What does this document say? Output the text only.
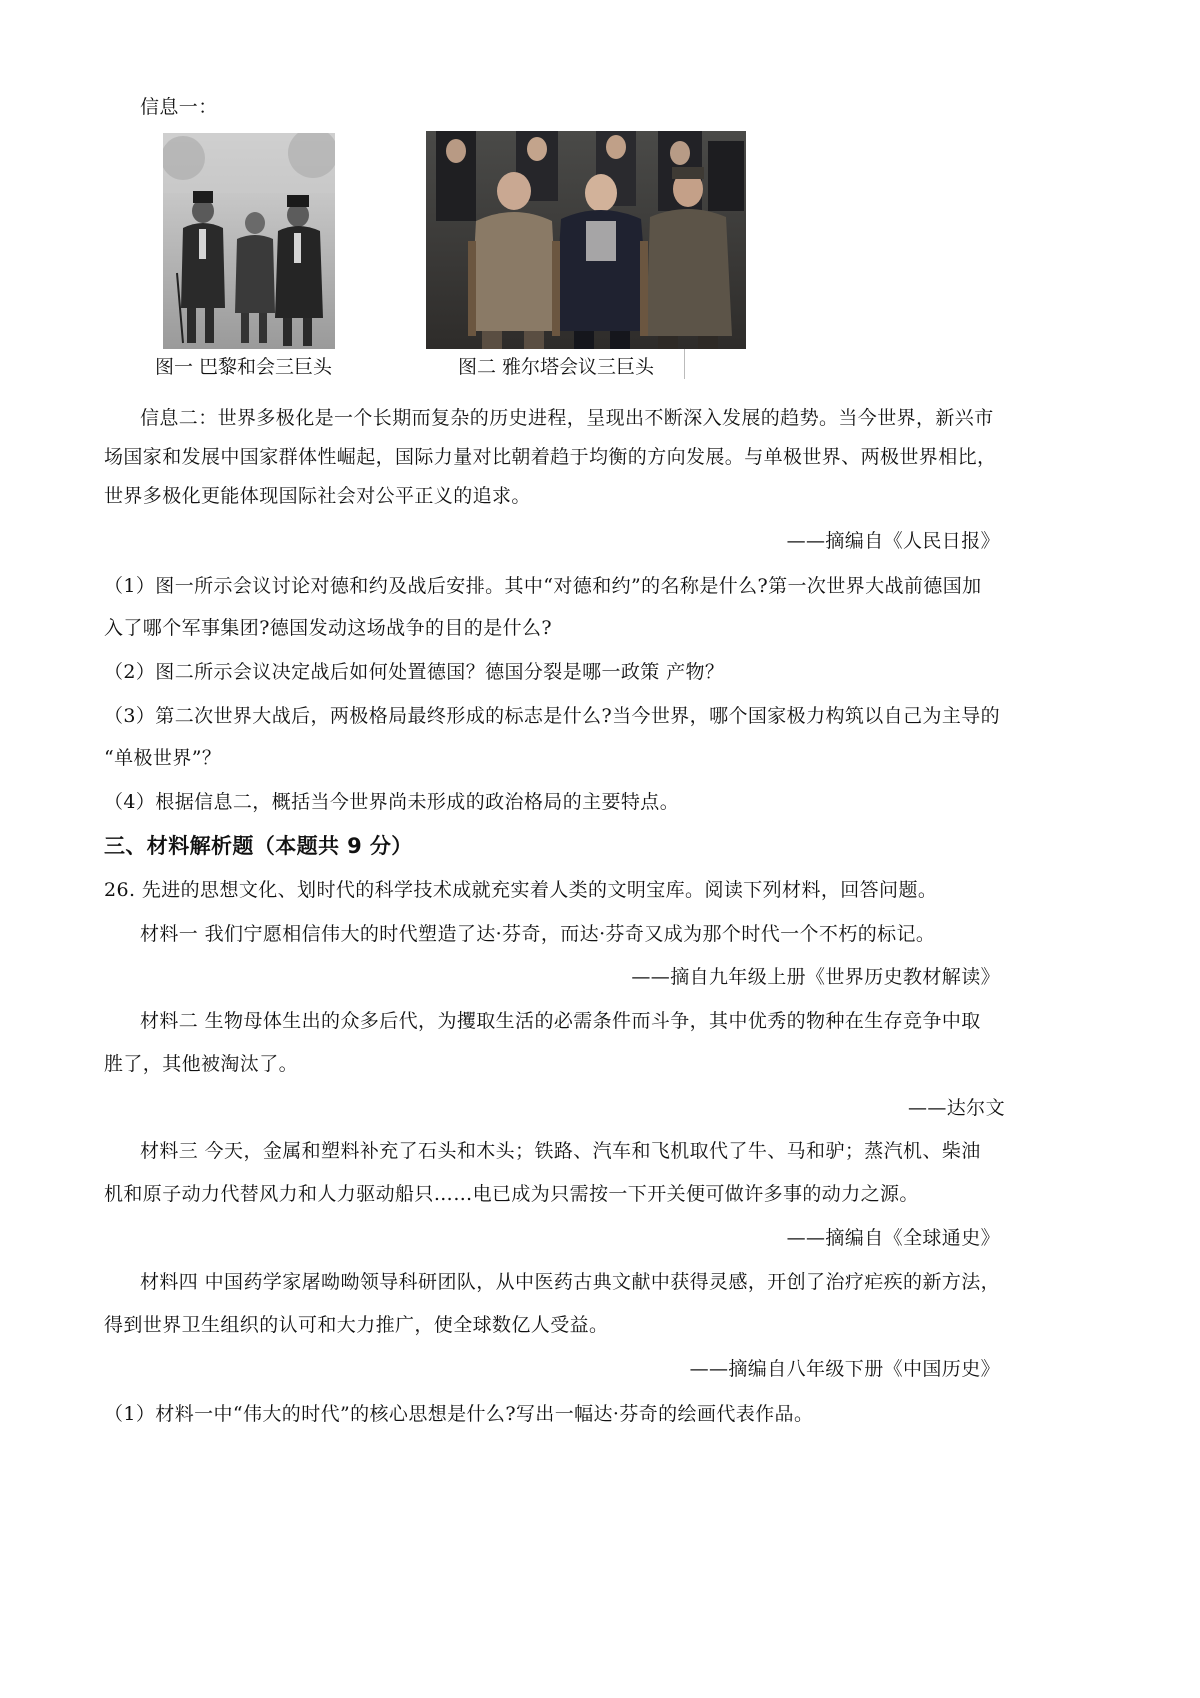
信息一：
图一 巴黎和会三巨头	图二 雅尔塔会议三巨头
信息二：世界多极化是一个长期而复杂的历史进程，呈现出不断深入发展的趋势。当今世界，新兴市
场国家和发展中国家群体性崛起，国际力量对比朝着趋于均衡的方向发展。与单极世界、两极世界相比，
世界多极化更能体现国际社会对公平正义的追求。
——摘编自《人民日报》
（1）图一所示会议讨论对德和约及战后安排。其中“对德和约”的名称是什么?第一次世界大战前德国加
入了哪个军事集团?德国发动这场战争的目的是什么?
（2）图二所示会议决定战后如何处置德国？德国分裂是哪一政策 产物？
（3）第二次世界大战后，两极格局最终形成的标志是什么?当今世界，哪个国家极力构筑以自己为主导的
“单极世界”？
（4）根据信息二，概括当今世界尚未形成的政治格局的主要特点。
三、材料解析题（本题共 9 分）
26. 先进的思想文化、划时代的科学技术成就充实着人类的文明宝库。阅读下列材料，回答问题。
材料一 我们宁愿相信伟大的时代塑造了达·芬奇，而达·芬奇又成为那个时代一个不朽的标记。
——摘自九年级上册《世界历史教材解读》
材料二 生物母体生出的众多后代，为攫取生活的必需条件而斗争，其中优秀的物种在生存竞争中取
胜了，其他被淘汰了。
——达尔文
材料三 今天，金属和塑料补充了石头和木头；铁路、汽车和飞机取代了牛、马和驴；蒸汽机、柴油
机和原子动力代替风力和人力驱动船只……电已成为只需按一下开关便可做许多事的动力之源。
——摘编自《全球通史》
材料四 中国药学家屠呦呦领导科研团队，从中医药古典文献中获得灵感，开创了治疗疟疾的新方法，
得到世界卫生组织的认可和大力推广，使全球数亿人受益。
——摘编自八年级下册《中国历史》
（1）材料一中“伟大的时代”的核心思想是什么?写出一幅达·芬奇的绘画代表作品。
